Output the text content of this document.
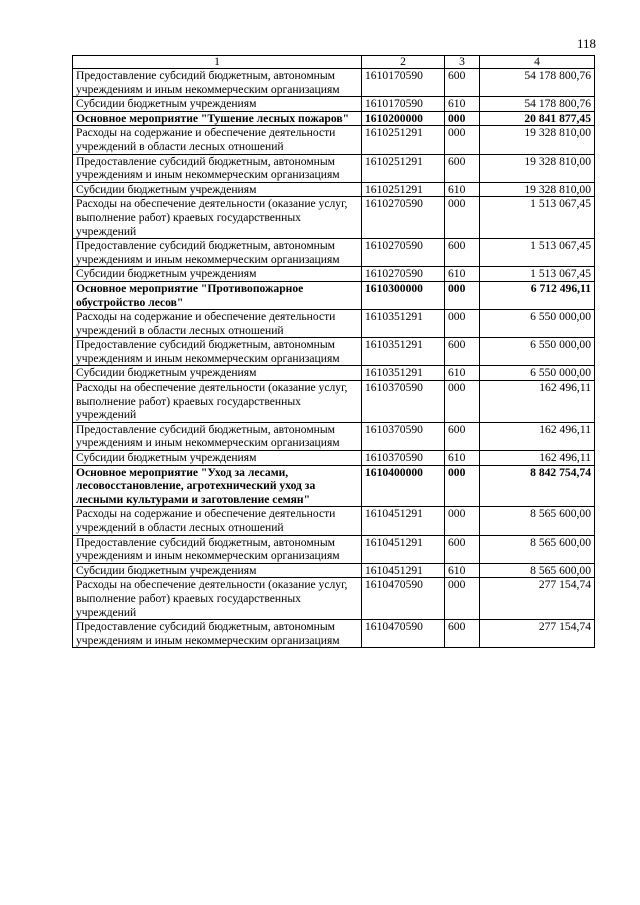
118
1	2	3	4
Предоставление субсидий бюджетным, автономным учреждениям и иным некоммерческим организациям	1610170590	600	54 178 800,76
Субсидии бюджетным учреждениям	1610170590	610	54 178 800,76
Основное мероприятие "Тушение лесных пожаров"	1610200000	000	20 841 877,45
Расходы на содержание и обеспечение деятельности учреждений в области лесных отношений	1610251291	000	19 328 810,00
Предоставление субсидий бюджетным, автономным учреждениям и иным некоммерческим организациям	1610251291	600	19 328 810,00
Субсидии бюджетным учреждениям	1610251291	610	19 328 810,00
Расходы на обеспечение деятельности (оказание услуг, выполнение работ) краевых государственных учреждений	1610270590	000	1 513 067,45
Предоставление субсидий бюджетным, автономным учреждениям и иным некоммерческим организациям	1610270590	600	1 513 067,45
Субсидии бюджетным учреждениям	1610270590	610	1 513 067,45
Основное мероприятие "Противопожарное обустройство лесов"	1610300000	000	6 712 496,11
Расходы на содержание и обеспечение деятельности учреждений в области лесных отношений	1610351291	000	6 550 000,00
Предоставление субсидий бюджетным, автономным учреждениям и иным некоммерческим организациям	1610351291	600	6 550 000,00
Субсидии бюджетным учреждениям	1610351291	610	6 550 000,00
Расходы на обеспечение деятельности (оказание услуг, выполнение работ) краевых государственных учреждений	1610370590	000	162 496,11
Предоставление субсидий бюджетным, автономным учреждениям и иным некоммерческим организациям	1610370590	600	162 496,11
Субсидии бюджетным учреждениям	1610370590	610	162 496,11
Основное мероприятие "Уход за лесами, лесовосстановление, агротехнический уход за лесными культурами и заготовление семян"	1610400000	000	8 842 754,74
Расходы на содержание и обеспечение деятельности учреждений в области лесных отношений	1610451291	000	8 565 600,00
Предоставление субсидий бюджетным, автономным учреждениям и иным некоммерческим организациям	1610451291	600	8 565 600,00
Субсидии бюджетным учреждениям	1610451291	610	8 565 600,00
Расходы на обеспечение деятельности (оказание услуг, выполнение работ) краевых государственных учреждений	1610470590	000	277 154,74
Предоставление субсидий бюджетным, автономным учреждениям и иным некоммерческим организациям	1610470590	600	277 154,74
